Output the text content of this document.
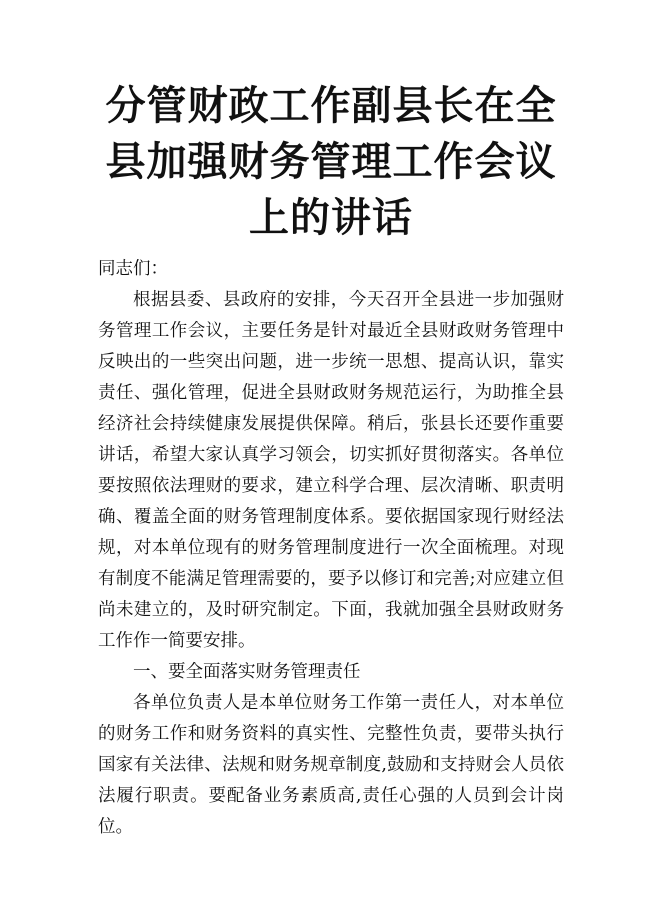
分管财政工作副县长在全
县加强财务管理工作会议
上的讲话

同志们：

根据县委、县政府的安排，今天召开全县进一步加强财务管理工作会议，主要任务是针对最近全县财政财务管理中反映出的一些突出问题，进一步统一思想、提高认识，靠实责任、强化管理，促进全县财政财务规范运行，为助推全县经济社会持续健康发展提供保障。稍后，张县长还要作重要讲话，希望大家认真学习领会，切实抓好贯彻落实。各单位要按照依法理财的要求，建立科学合理、层次清晰、职责明确、覆盖全面的财务管理制度体系。要依据国家现行财经法规，对本单位现有的财务管理制度进行一次全面梳理。对现有制度不能满足管理需要的，要予以修订和完善;对应建立但尚未建立的，及时研究制定。下面，我就加强全县财政财务工作作一简要安排。

一、要全面落实财务管理责任

各单位负责人是本单位财务工作第一责任人，对本单位的财务工作和财务资料的真实性、完整性负责，要带头执行国家有关法律、法规和财务规章制度,鼓励和支持财会人员依法履行职责。要配备业务素质高,责任心强的人员到会计岗位。
